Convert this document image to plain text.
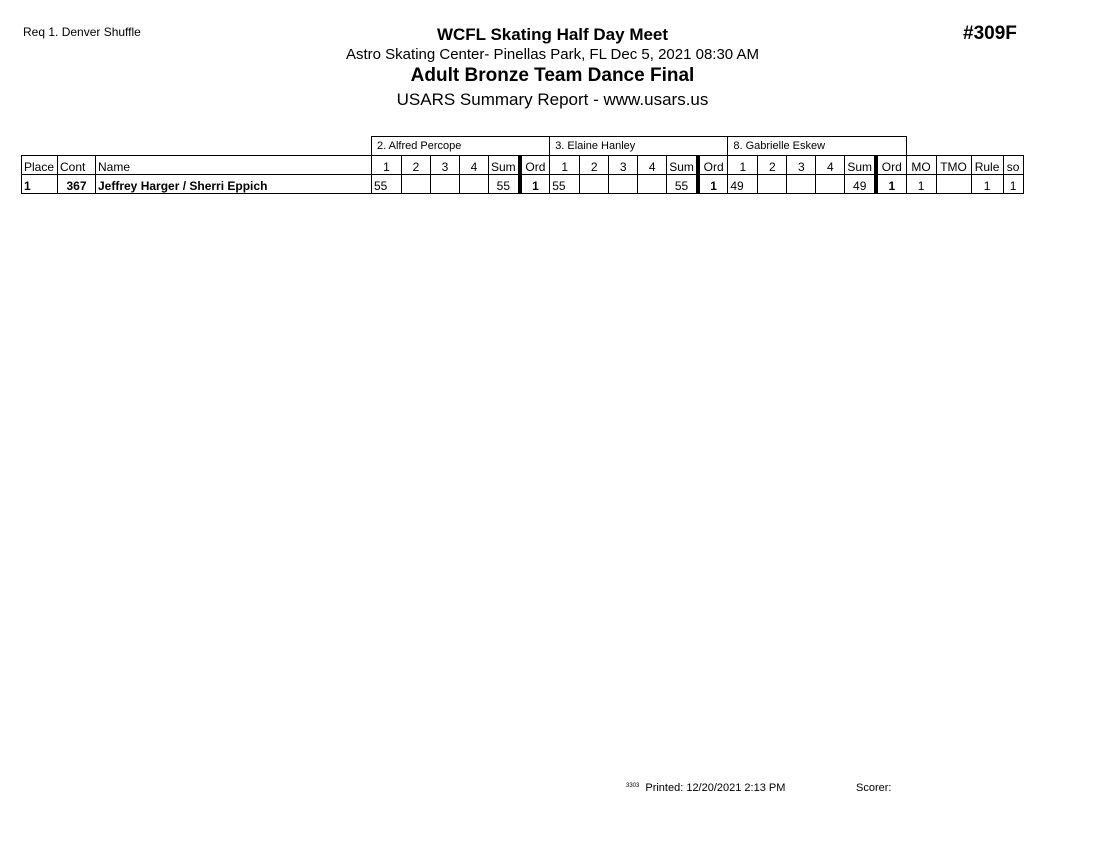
Req 1. Denver Shuffle	WCFL Skating Half Day Meet
Astro Skating Center- Pinellas Park, FL Dec 5, 2021 08:30 AM
Adult Bronze Team Dance Final
USARS Summary Report - www.usars.us
#309F
			2. Alfred Percope						3. Elaine Hanley						8. Gabrielle Eskew									
Place	Cont	Name	1	2	3	4	Sum	Ord	1	2	3	4	Sum	Ord	1	2	3	4	Sum	Ord	MO	TMO	Rule	so
1	367	Jeffrey Harger / Sherri Eppich	55				55	1	55				55	1	49				49	1	1		1	1
$^{3303}$ Printed: 12/20/2021 2:13 PM	Scorer:
